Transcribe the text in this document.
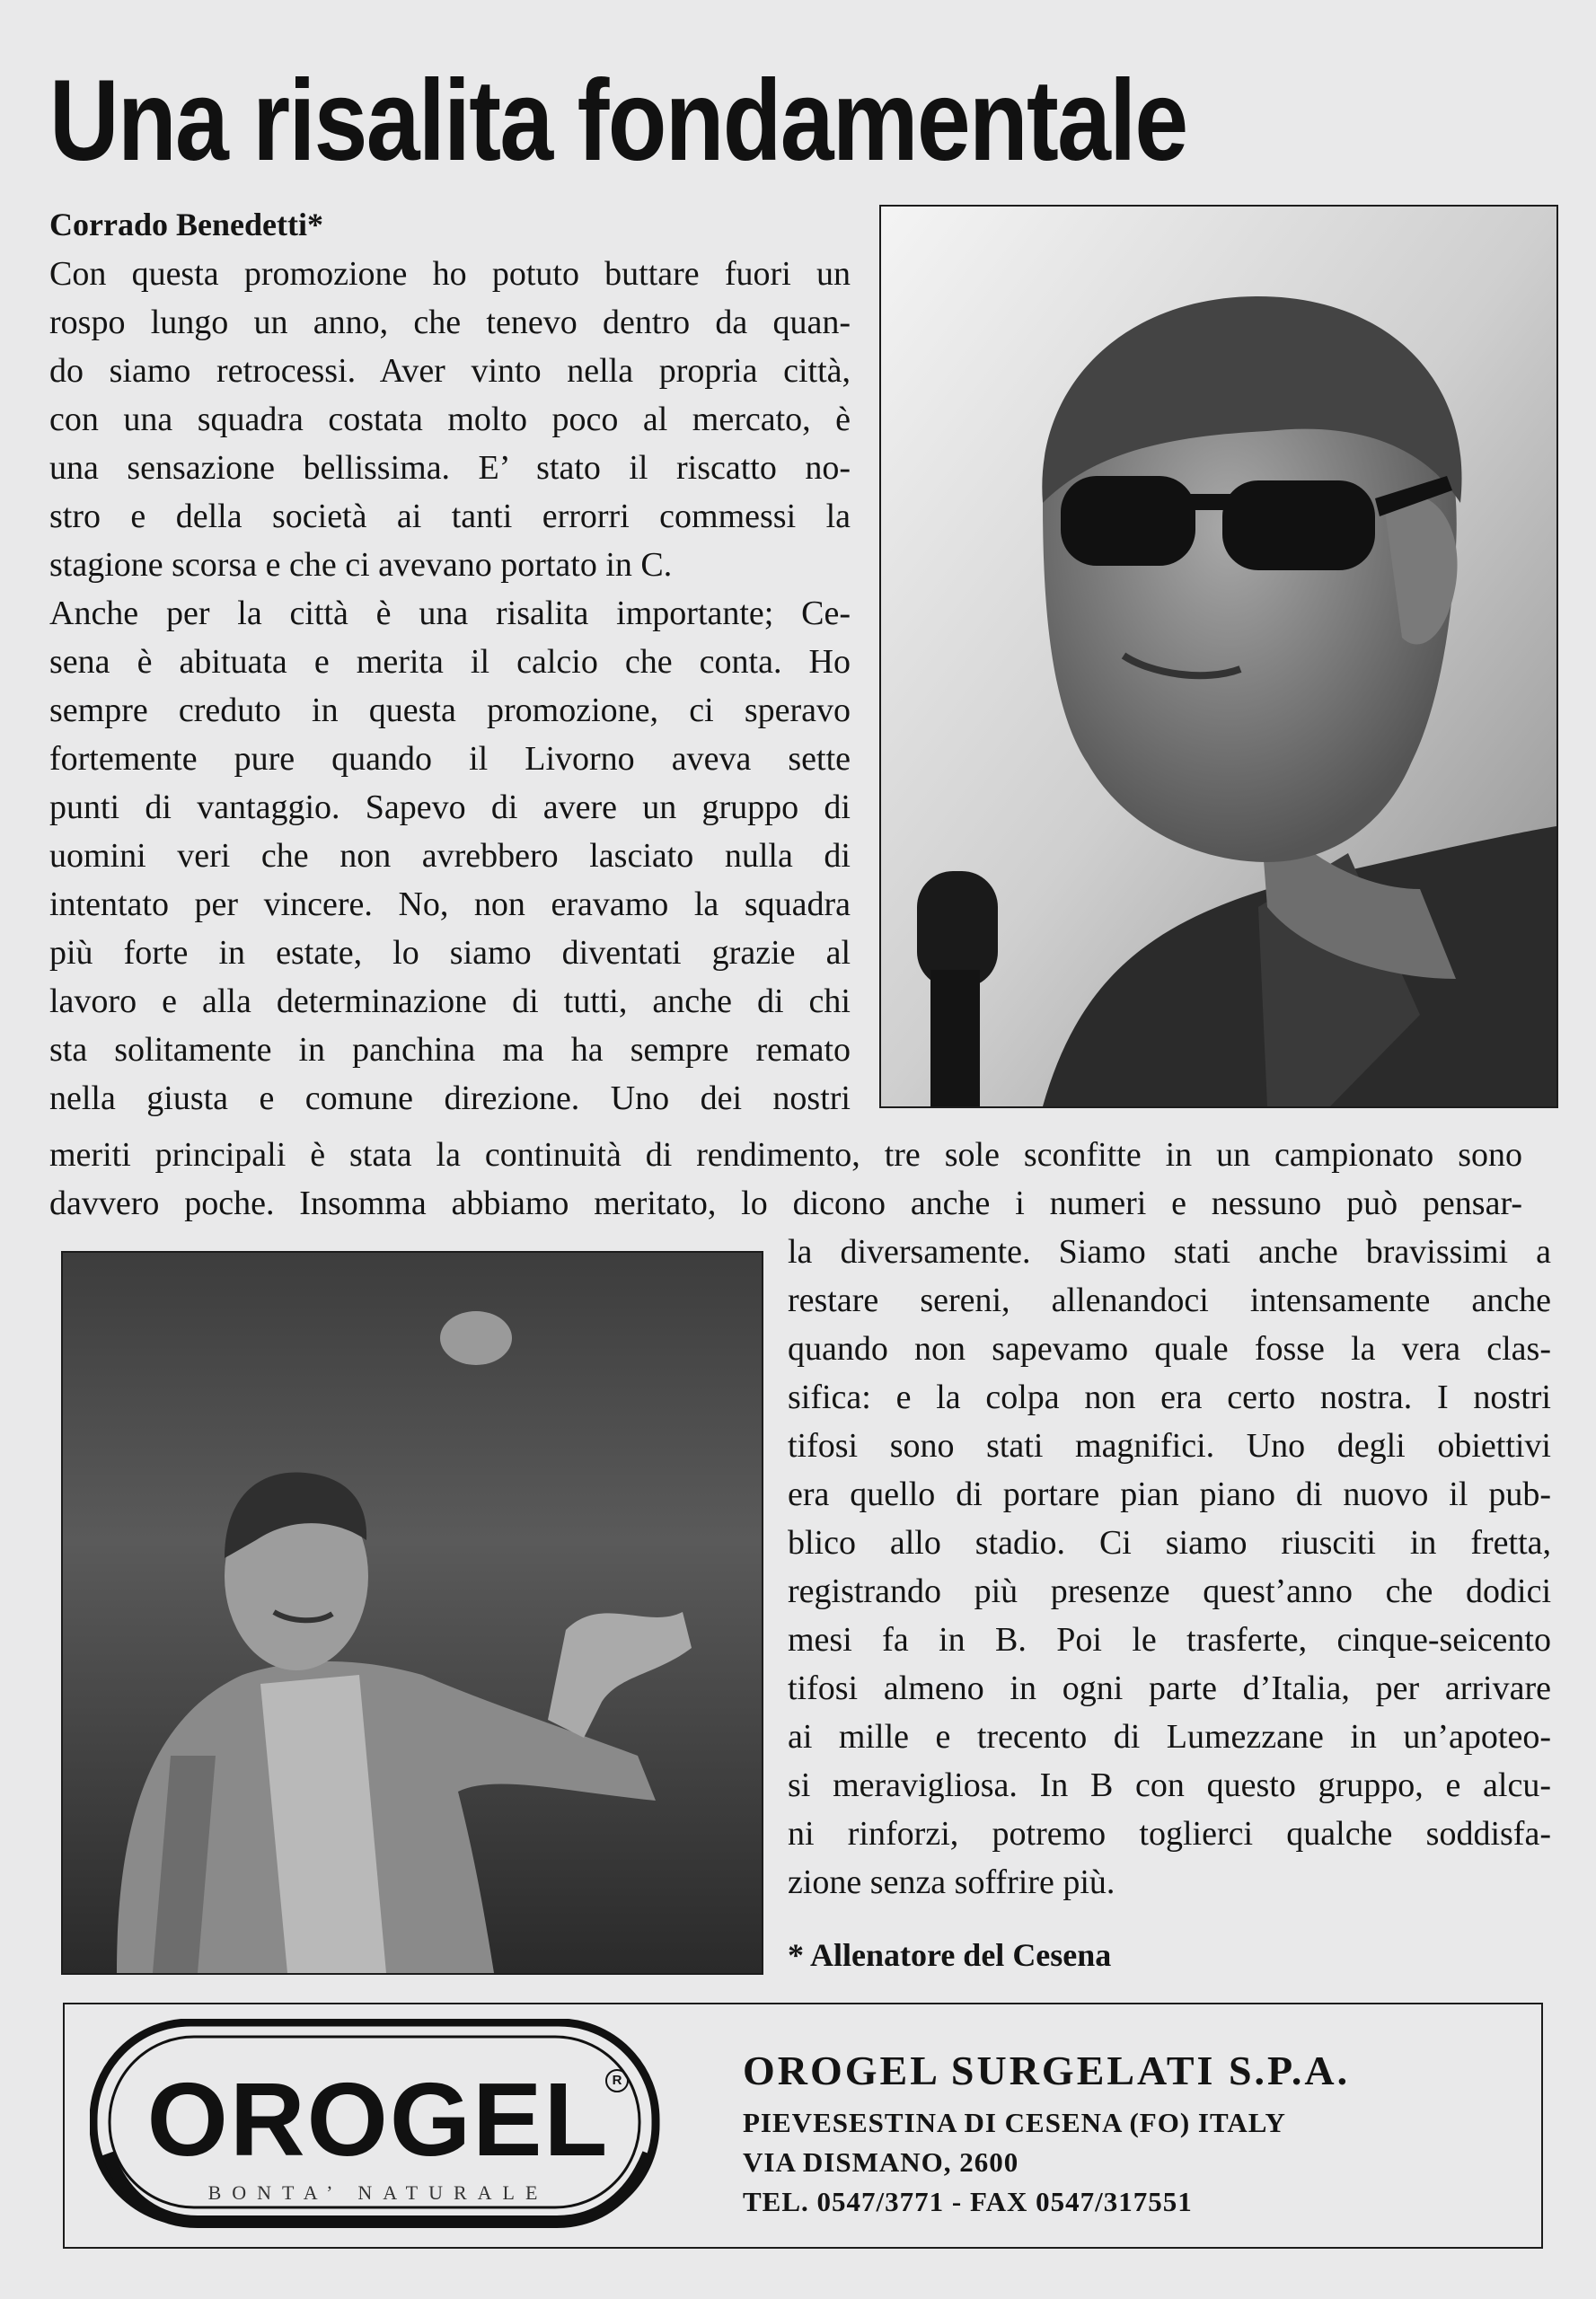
Una risalita fondamentale
Corrado Benedetti*
Con questa promozione ho potuto buttare fuori un
rospo lungo un anno, che tenevo dentro da quan-
do siamo retrocessi. Aver vinto nella propria città,
con una squadra costata molto poco al mercato, è
una sensazione bellissima. E’ stato il riscatto no-
stro e della società ai tanti errorri commessi la
stagione scorsa e che ci avevano portato in C.
Anche per la città è una risalita importante; Ce-
sena è abituata e merita il calcio che conta. Ho
sempre creduto in questa promozione, ci speravo
fortemente pure quando il Livorno aveva sette
punti di vantaggio. Sapevo di avere un gruppo di
uomini veri che non avrebbero lasciato nulla di
intentato per vincere. No, non eravamo la squadra
più forte in estate, lo siamo diventati grazie al
lavoro e alla determinazione di tutti, anche di chi
sta solitamente in panchina ma ha sempre remato
nella giusta e comune direzione. Uno dei nostri
meriti principali è stata la continuità di rendimento, tre sole sconfitte in un campionato sono
davvero poche. Insomma abbiamo meritato, lo dicono anche i numeri e nessuno può pensar-
la diversamente. Siamo stati anche bravissimi a
restare sereni, allenandoci intensamente anche
quando non sapevamo quale fosse la vera clas-
sifica: e la colpa non era certo nostra. I nostri
tifosi sono stati magnifici. Uno degli obiettivi
era quello di portare pian piano di nuovo il pub-
blico allo stadio. Ci siamo riusciti in fretta,
registrando più presenze quest’anno che dodici
mesi fa in B. Poi le trasferte, cinque-seicento
tifosi almeno in ogni parte d’Italia, per arrivare
ai mille e trecento di Lumezzane in un’apoteo-
si meravigliosa. In B con questo gruppo, e alcu-
ni rinforzi, potremo toglierci qualche soddisfa-
zione senza soffrire più.
* Allenatore del Cesena
OROGEL R
BONTA’ NATURALE
OROGEL SURGELATI S.P.A.
PIEVESESTINA DI CESENA (FO) ITALY
VIA DISMANO, 2600
TEL. 0547/3771 - FAX 0547/317551
